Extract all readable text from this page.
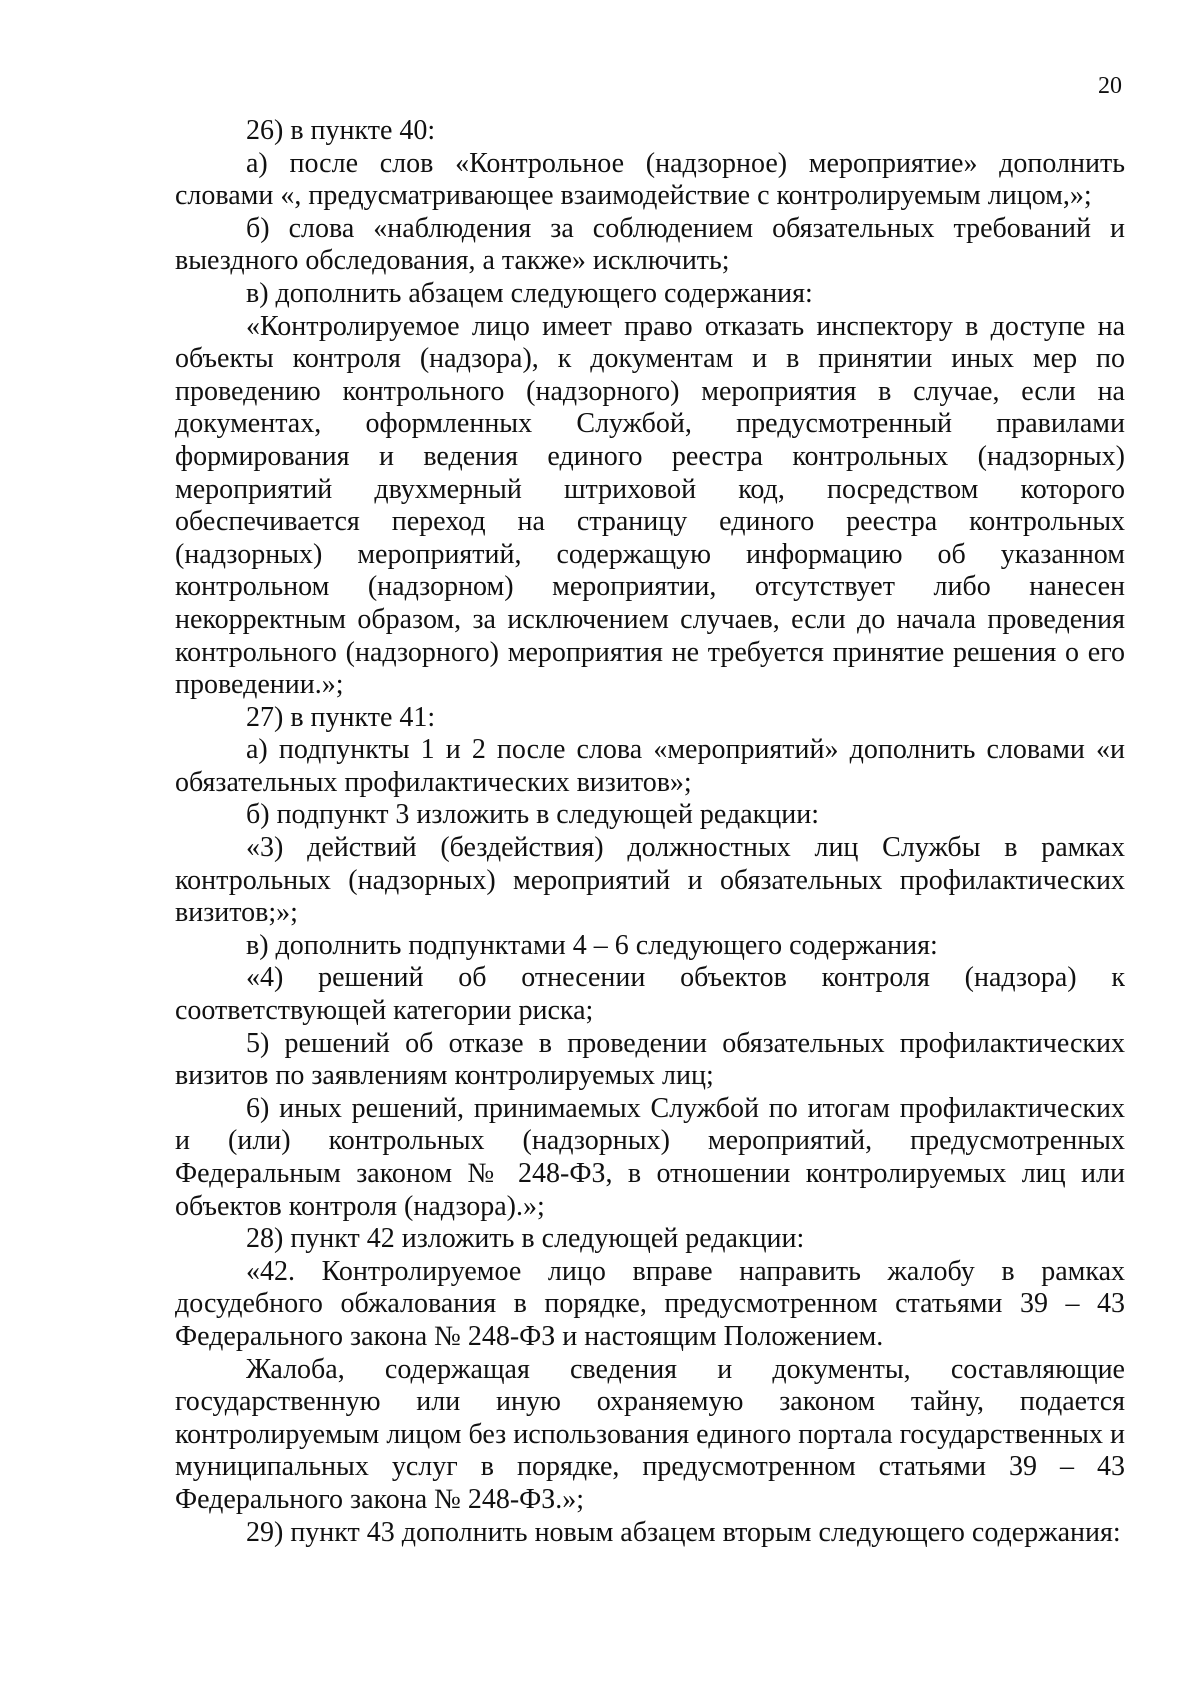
20

26) в пункте 40:

а) после слов «Контрольное (надзорное) мероприятие» дополнить словами «, предусматривающее взаимодействие с контролируемым лицом,»;

б) слова «наблюдения за соблюдением обязательных требований и выездного обследования, а также» исключить;

в) дополнить абзацем следующего содержания:

«Контролируемое лицо имеет право отказать инспектору в доступе на объекты контроля (надзора), к документам и в принятии иных мер по проведению контрольного (надзорного) мероприятия в случае, если на документах, оформленных Службой, предусмотренный правилами формирования и ведения единого реестра контрольных (надзорных) мероприятий двухмерный штриховой код, посредством которого обеспечивается переход на страницу единого реестра контрольных (надзорных) мероприятий, содержащую информацию об указанном контрольном (надзорном) мероприятии, отсутствует либо нанесен некорректным образом, за исключением случаев, если до начала проведения контрольного (надзорного) мероприятия не требуется принятие решения о его проведении.»;

27) в пункте 41:

а) подпункты 1 и 2 после слова «мероприятий» дополнить словами «и обязательных профилактических визитов»;

б) подпункт 3 изложить в следующей редакции:

«3) действий (бездействия) должностных лиц Службы в рамках контрольных (надзорных) мероприятий и обязательных профилактических визитов;»;

в) дополнить подпунктами 4 – 6 следующего содержания:

«4) решений об отнесении объектов контроля (надзора) к соответствующей категории риска;

5) решений об отказе в проведении обязательных профилактических визитов по заявлениям контролируемых лиц;

6) иных решений, принимаемых Службой по итогам профилактических и (или) контрольных (надзорных) мероприятий, предусмотренных Федеральным законом № 248-ФЗ, в отношении контролируемых лиц или объектов контроля (надзора).»;

28) пункт 42 изложить в следующей редакции:

«42. Контролируемое лицо вправе направить жалобу в рамках досудебного обжалования в порядке, предусмотренном статьями 39 – 43 Федерального закона № 248-ФЗ и настоящим Положением.

Жалоба, содержащая сведения и документы, составляющие государственную или иную охраняемую законом тайну, подается контролируемым лицом без использования единого портала государственных и муниципальных услуг в порядке, предусмотренном статьями 39 – 43 Федерального закона № 248-ФЗ.»;

29) пункт 43 дополнить новым абзацем вторым следующего содержания:
